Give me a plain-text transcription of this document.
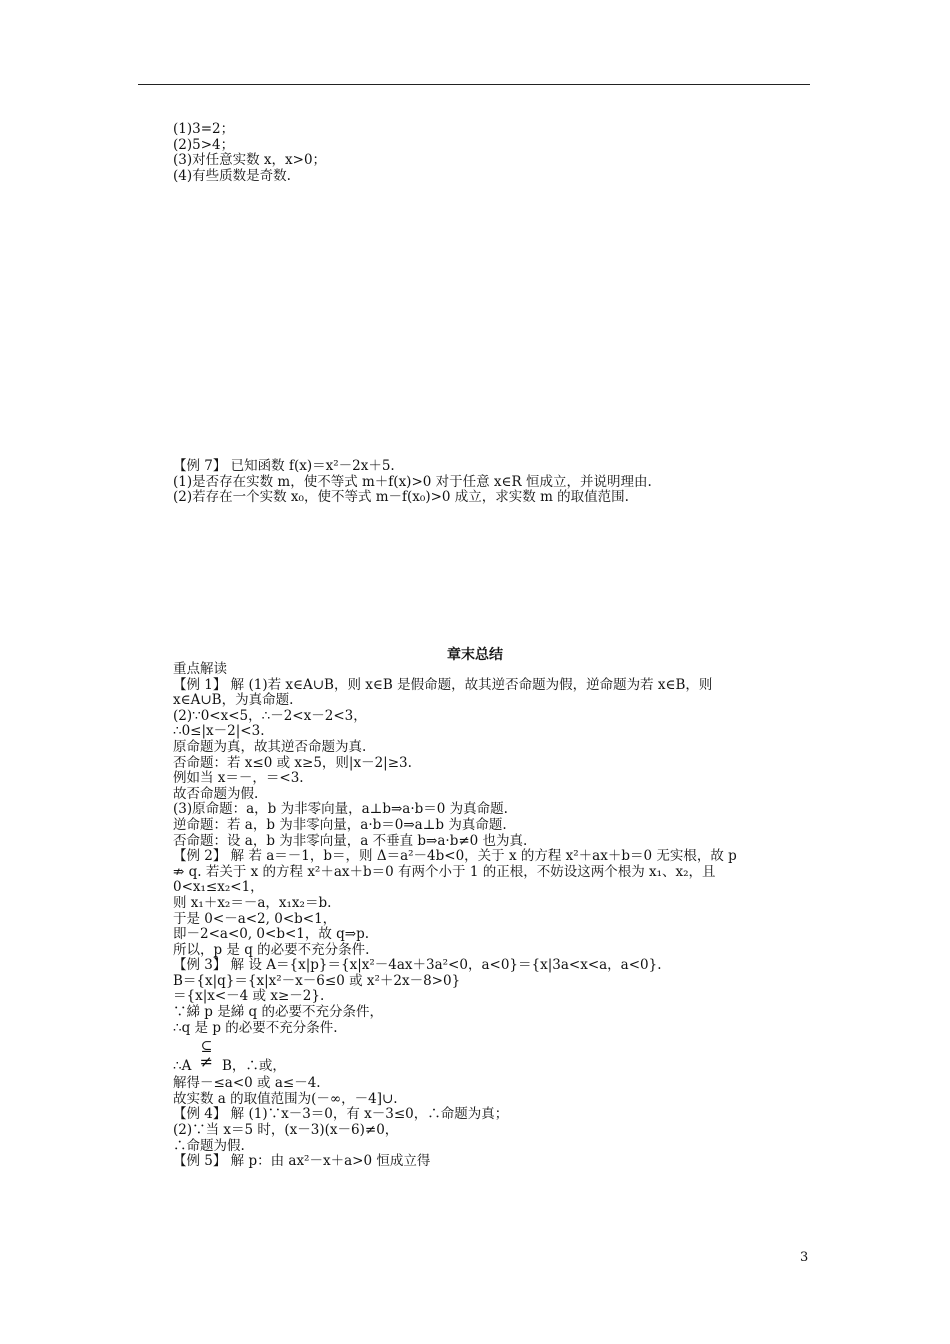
(1)3=2；
(2)5>4；
(3)对任意实数 x，x>0；
(4)有些质数是奇数.
【例 7】 已知函数 f(x)＝x²－2x＋5.
(1)是否存在实数 m，使不等式 m＋f(x)>0 对于任意 x∈R 恒成立，并说明理由.
(2)若存在一个实数 x₀，使不等式 m－f(x₀)>0 成立，求实数 m 的取值范围.
章末总结
重点解读
【例 1】 解 (1)若 x∈A∪B，则 x∈B 是假命题，故其逆否命题为假，逆命题为若 x∈B，则
x∈A∪B，为真命题.
(2)∵0<x<5，∴－2<x－2<3，
∴0≤|x－2|<3.
原命题为真，故其逆否命题为真.
否命题：若 x≤0 或 x≥5，则|x－2|≥3.
例如当 x＝－，＝<3.
故否命题为假.
(3)原命题：a，b 为非零向量，a⊥b⇒a·b＝0 为真命题.
逆命题：若 a，b 为非零向量，a·b＝0⇒a⊥b 为真命题.
否命题：设 a，b 为非零向量，a 不垂直 b⇒a·b≠0 也为真.
【例 2】 解 若 a＝－1，b＝，则 Δ＝a²－4b<0，关于 x 的方程 x²＋ax＋b＝0 无实根，故 p
⇏ q. 若关于 x 的方程 x²＋ax＋b＝0 有两个小于 1 的正根，不妨设这两个根为 x₁、x₂，且
0<x₁≤x₂<1，
则 x₁＋x₂＝－a，x₁x₂＝b.
于是 0<－a<2, 0<b<1，
即－2<a<0, 0<b<1，故 q⇒p.
所以，p 是 q 的必要不充分条件.
【例 3】 解 设 A＝{x|p}＝{x|x²－4ax＋3a²<0，a<0}＝{x|3a<x<a，a<0}.
B＝{x|q}＝{x|x²－x－6≤0 或 x²＋2x－8>0}
＝{x|x<－4 或 x≥－2}.
∵綈 p 是綈 q 的必要不充分条件，
∴q 是 p 的必要不充分条件.
∴A
⊆
≠ B，∴或，
解得－≤a<0 或 a≤－4.
故实数 a 的取值范围为(－∞，－4]∪.
【例 4】 解 (1)∵x－3＝0，有 x－3≤0，∴命题为真；
(2)∵当 x＝5 时，(x－3)(x－6)≠0，
∴命题为假.
【例 5】 解 p：由 ax²－x＋a>0 恒成立得
3
